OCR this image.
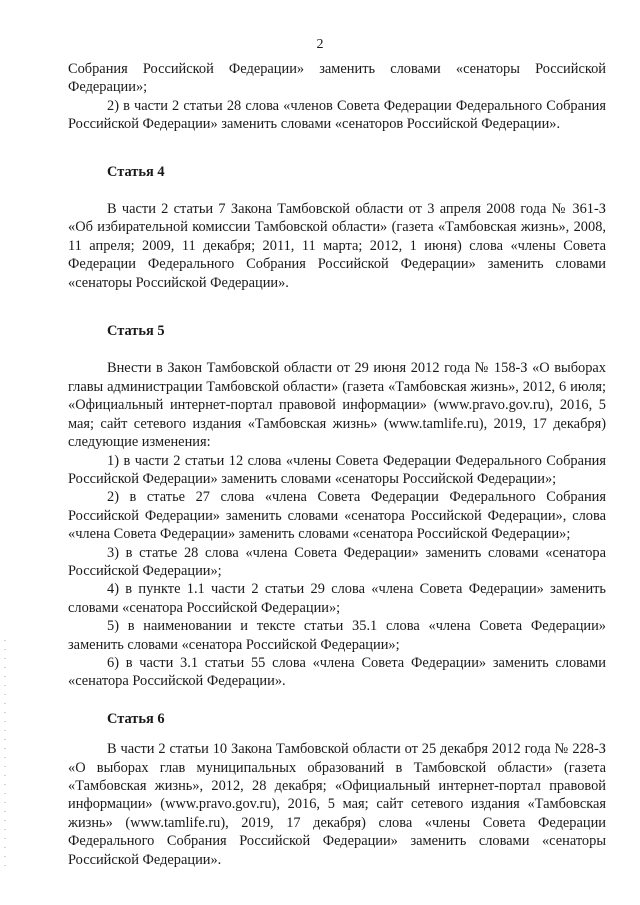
2

Собрания Российской Федерации» заменить словами «сенаторы Российской Федерации»;

2) в части 2 статьи 28 слова «членов Совета Федерации Федерального Собрания Российской Федерации» заменить словами «сенаторов Российской Федерации».

Статья 4

В части 2 статьи 7 Закона Тамбовской области от 3 апреля 2008 года № 361-З «Об избирательной комиссии Тамбовской области» (газета «Тамбовская жизнь», 2008, 11 апреля; 2009, 11 декабря; 2011, 11 марта; 2012, 1 июня) слова «члены Совета Федерации Федерального Собрания Российской Федерации» заменить словами «сенаторы Российской Федерации».

Статья 5

Внести в Закон Тамбовской области от 29 июня 2012 года № 158-З «О выборах главы администрации Тамбовской области» (газета «Тамбовская жизнь», 2012, 6 июля; «Официальный интернет-портал правовой информации» (www.pravo.gov.ru), 2016, 5 мая; сайт сетевого издания «Тамбовская жизнь» (www.tamlife.ru), 2019, 17 декабря) следующие изменения:

1) в части 2 статьи 12 слова «члены Совета Федерации Федерального Собрания Российской Федерации» заменить словами «сенаторы Российской Федерации»;

2) в статье 27 слова «члена Совета Федерации Федерального Собрания Российской Федерации» заменить словами «сенатора Российской Федерации», слова «члена Совета Федерации» заменить словами «сенатора Российской Федерации»;

3) в статье 28 слова «члена Совета Федерации» заменить словами «сенатора Российской Федерации»;

4) в пункте 1.1 части 2 статьи 29 слова «члена Совета Федерации» заменить словами «сенатора Российской Федерации»;

5) в наименовании и тексте статьи 35.1 слова «члена Совета Федерации» заменить словами «сенатора Российской Федерации»;

6) в части 3.1 статьи 55 слова «члена Совета Федерации» заменить словами «сенатора Российской Федерации».

Статья 6

В части 2 статьи 10 Закона Тамбовской области от 25 декабря 2012 года № 228-З «О выборах глав муниципальных образований в Тамбовской области» (газета «Тамбовская жизнь», 2012, 28 декабря; «Официальный интернет-портал правовой информации» (www.pravo.gov.ru), 2016, 5 мая; сайт сетевого издания «Тамбовская жизнь» (www.tamlife.ru), 2019, 17 декабря) слова «члены Совета Федерации Федерального Собрания Российской Федерации» заменить словами «сенаторы Российской Федерации».
